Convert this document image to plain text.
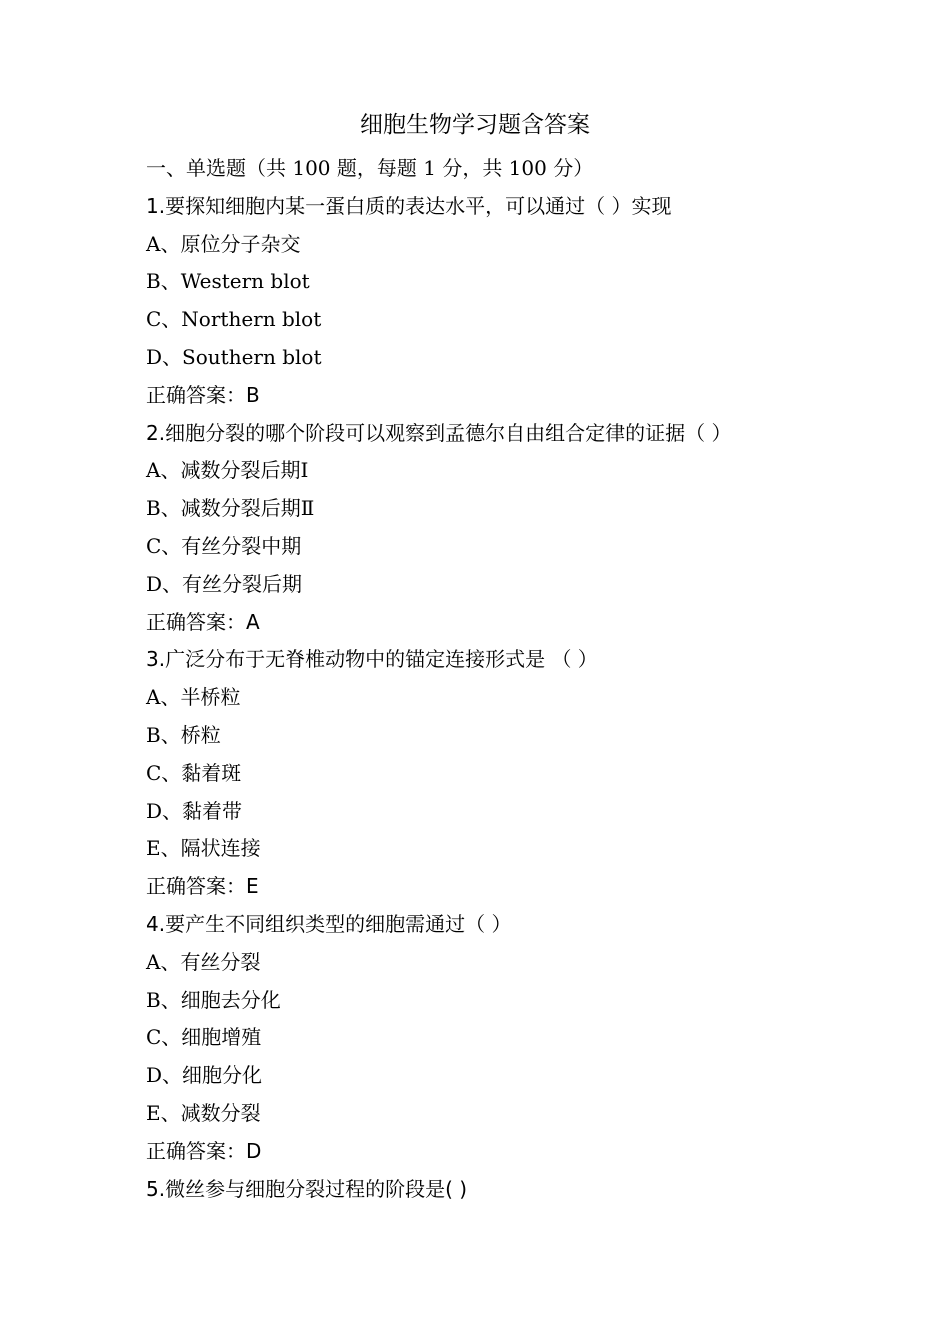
细胞生物学习题含答案
一、单选题（共 100 题，每题 1 分，共 100 分）
1.要探知细胞内某一蛋白质的表达水平，可以通过（ ）实现
A、原位分子杂交
B、Western blot
C、Northern blot
D、Southern blot
正确答案：B
2.细胞分裂的哪个阶段可以观察到孟德尔自由组合定律的证据（ ）
A、减数分裂后期Ⅰ
B、减数分裂后期Ⅱ
C、有丝分裂中期
D、有丝分裂后期
正确答案：A
3.广泛分布于无脊椎动物中的锚定连接形式是 （ ）
A、半桥粒
B、桥粒
C、黏着斑
D、黏着带
E、隔状连接
正确答案：E
4.要产生不同组织类型的细胞需通过（ ）
A、有丝分裂
B、细胞去分化
C、细胞增殖
D、细胞分化
E、减数分裂
正确答案：D
5.微丝参与细胞分裂过程的阶段是( )
